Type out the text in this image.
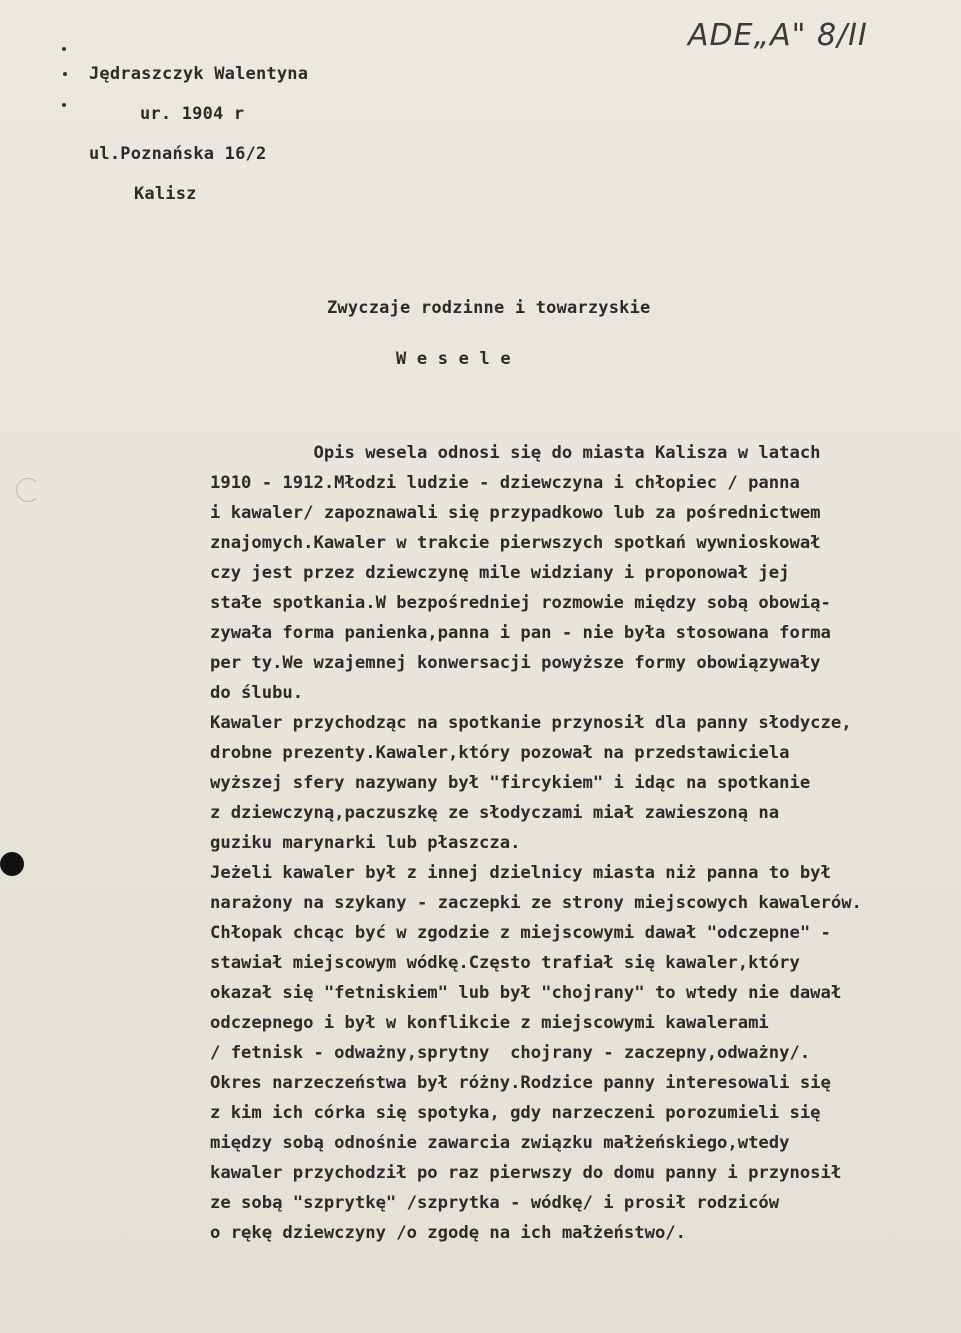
ADE„A" 8/II
Jędraszczyk Walentyna
ur. 1904 r
ul.Poznańska 16/2
Kalisz
Zwyczaje rodzinne i towarzyskie
W e s e l e
Opis wesela odnosi się do miasta Kalisza w latach
1910 - 1912.Młodzi ludzie - dziewczyna i chłopiec / panna
i kawaler/ zapoznawali się przypadkowo lub za pośrednictwem
znajomych.Kawaler w trakcie pierwszych spotkań wywnioskował
czy jest przez dziewczynę mile widziany i proponował jej
stałe spotkania.W bezpośredniej rozmowie między sobą obowią-
zywała forma panienka,panna i pan - nie była stosowana forma
per ty.We wzajemnej konwersacji powyższe formy obowiązywały
do ślubu.
Kawaler przychodząc na spotkanie przynosił dla panny słodycze,
drobne prezenty.Kawaler,który pozował na przedstawiciela
wyższej sfery nazywany był "fircykiem" i idąc na spotkanie
z dziewczyną,paczuszkę ze słodyczami miał zawieszoną na
guziku marynarki lub płaszcza.
Jeżeli kawaler był z innej dzielnicy miasta niż panna to był
narażony na szykany - zaczepki ze strony miejscowych kawalerów.
Chłopak chcąc być w zgodzie z miejscowymi dawał "odczepne" -
stawiał miejscowym wódkę.Często trafiał się kawaler,który
okazał się "fetniskiem" lub był "chojrany" to wtedy nie dawał
odczepnego i był w konflikcie z miejscowymi kawalerami
/ fetnisk - odważny,sprytny  chojrany - zaczepny,odważny/.
Okres narzeczeństwa był różny.Rodzice panny interesowali się
z kim ich córka się spotyka, gdy narzeczeni porozumieli się
między sobą odnośnie zawarcia związku małżeńskiego,wtedy
kawaler przychodził po raz pierwszy do domu panny i przynosił
ze sobą "szprytkę" /szprytka - wódkę/ i prosił rodziców
o rękę dziewczyny /o zgodę na ich małżeństwo/.
